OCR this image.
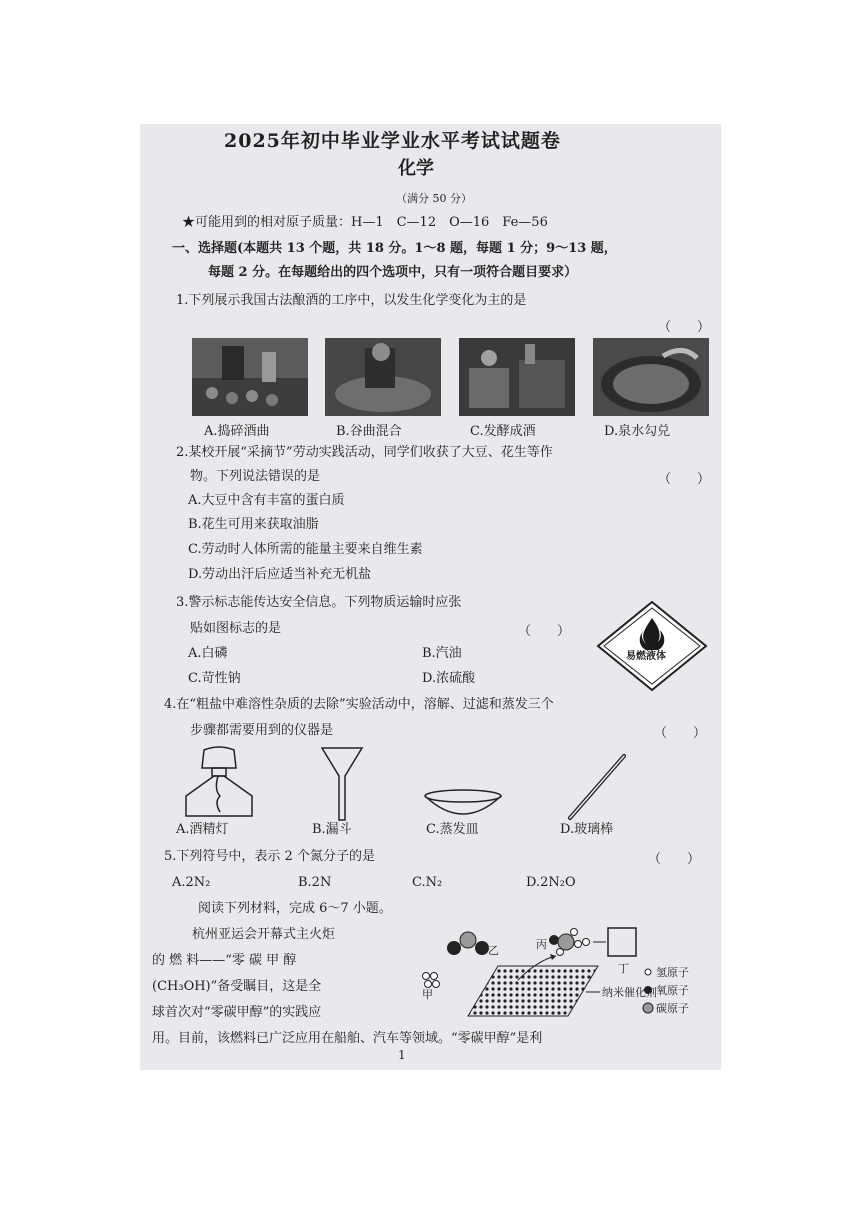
2025年初中毕业学业水平考试试题卷
化学
（满分 50 分）
★可能用到的相对原子质量：H—1　C—12　O—16　Fe—56
一、选择题(本题共 13 个题，共 18 分。1～8 题，每题 1 分；9～13 题，
每题 2 分。在每题给出的四个选项中，只有一项符合题目要求）
1.下列展示我国古法酿酒的工序中，以发生化学变化为主的是
（　　）
A.捣碎酒曲	B.谷曲混合	C.发酵成酒	D.泉水勾兑
2.某校开展“采摘节”劳动实践活动，同学们收获了大豆、花生等作
物。下列说法错误的是	（　　）
A.大豆中含有丰富的蛋白质
B.花生可用来获取油脂
C.劳动时人体所需的能量主要来自维生素
D.劳动出汗后应适当补充无机盐
3.警示标志能传达安全信息。下列物质运输时应张
贴如图标志的是	（　　）
A.白磷	B.汽油
C.苛性钠	D.浓硫酸
易燃液体
4.在“粗盐中难溶性杂质的去除”实验活动中，溶解、过滤和蒸发三个
步骤都需要用到的仪器是	（　　）
A.酒精灯	B.漏斗	C.蒸发皿	D.玻璃棒
5.下列符号中，表示 2 个氮分子的是	（　　）
A.2N₂	B.2N	C.N₂	D.2N₂O
阅读下列材料，完成 6～7 小题。
杭州亚运会开幕式主火炬
的 燃 料——“零 碳 甲 醇
(CH₃OH)”备受瞩目，这是全
球首次对“零碳甲醇”的实践应
用。目前，该燃料已广泛应用在船舶、汽车等领域。“零碳甲醇”是利
甲
乙	丙
丁
纳米催化剂
氢原子
氧原子
碳原子
1
